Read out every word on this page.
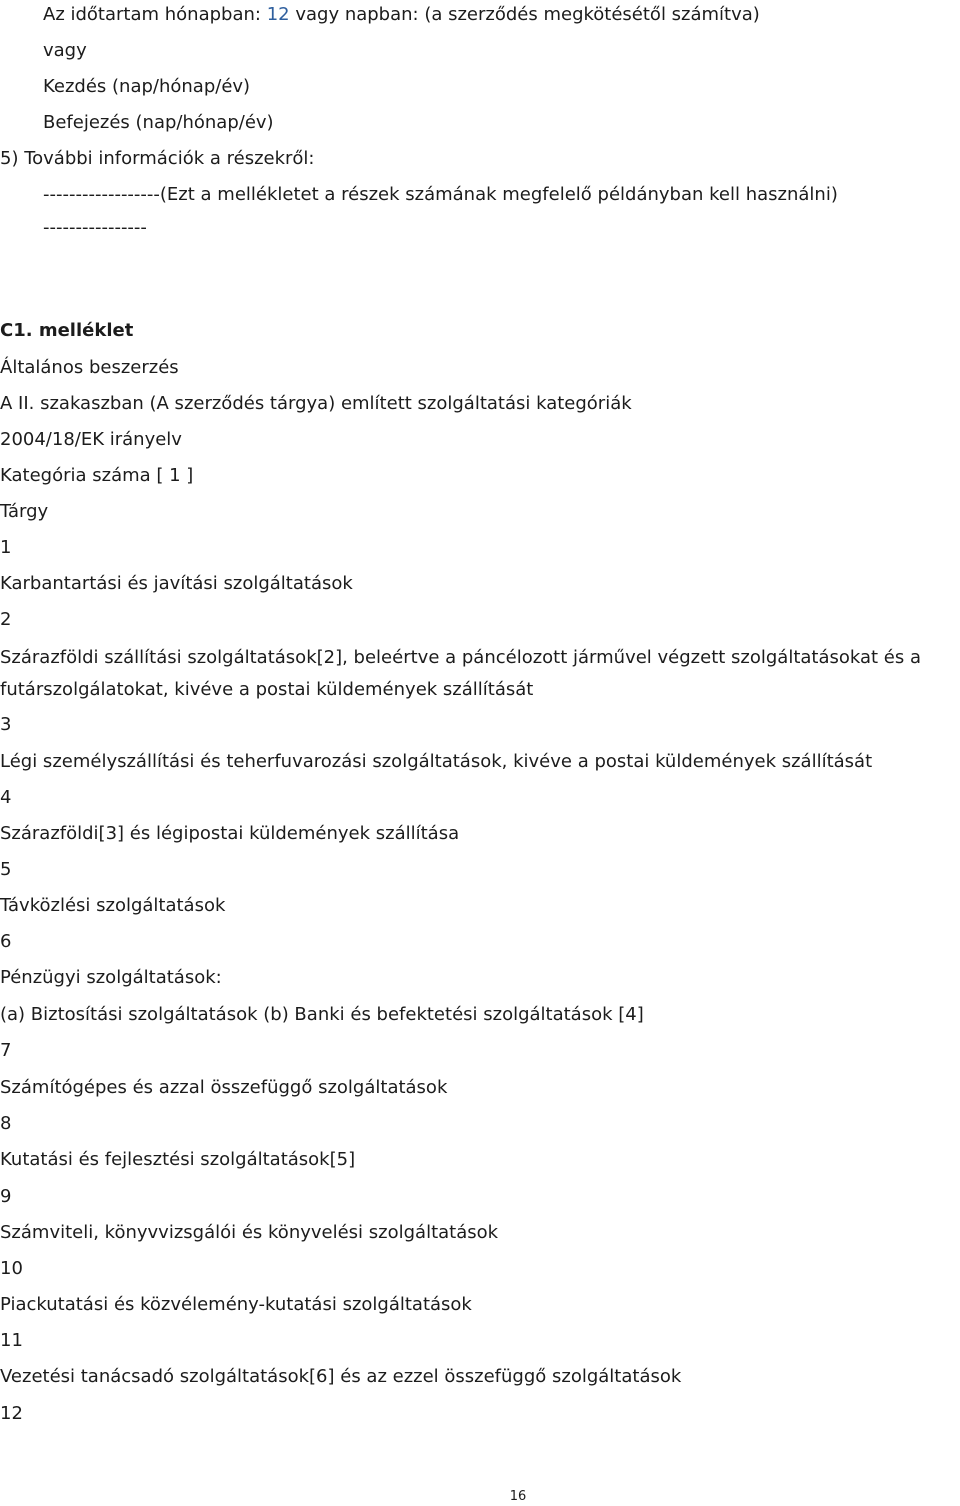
Az időtartam hónapban: 12 vagy napban: (a szerződés megkötésétől számítva)
vagy
Kezdés (nap/hónap/év)
Befejezés (nap/hónap/év)
5) További információk a részekről:
------------------(Ezt a mellékletet a részek számának megfelelő példányban kell használni)
----------------
C1. melléklet
Általános beszerzés
A II. szakaszban (A szerződés tárgya) említett szolgáltatási kategóriák
2004/18/EK irányelv
Kategória száma [ 1 ]
Tárgy
1
Karbantartási és javítási szolgáltatások
2
Szárazföldi szállítási szolgáltatások[2], beleértve a páncélozott járművel végzett szolgáltatásokat és a futárszolgálatokat, kivéve a postai küldemények szállítását
3
Légi személyszállítási és teherfuvarozási szolgáltatások, kivéve a postai küldemények szállítását
4
Szárazföldi[3] és légipostai küldemények szállítása
5
Távközlési szolgáltatások
6
Pénzügyi szolgáltatások:
(a) Biztosítási szolgáltatások (b) Banki és befektetési szolgáltatások [4]
7
Számítógépes és azzal összefüggő szolgáltatások
8
Kutatási és fejlesztési szolgáltatások[5]
9
Számviteli, könyvvizsgálói és könyvelési szolgáltatások
10
Piackutatási és közvélemény-kutatási szolgáltatások
11
Vezetési tanácsadó szolgáltatások[6] és az ezzel összefüggő szolgáltatások
12
16
